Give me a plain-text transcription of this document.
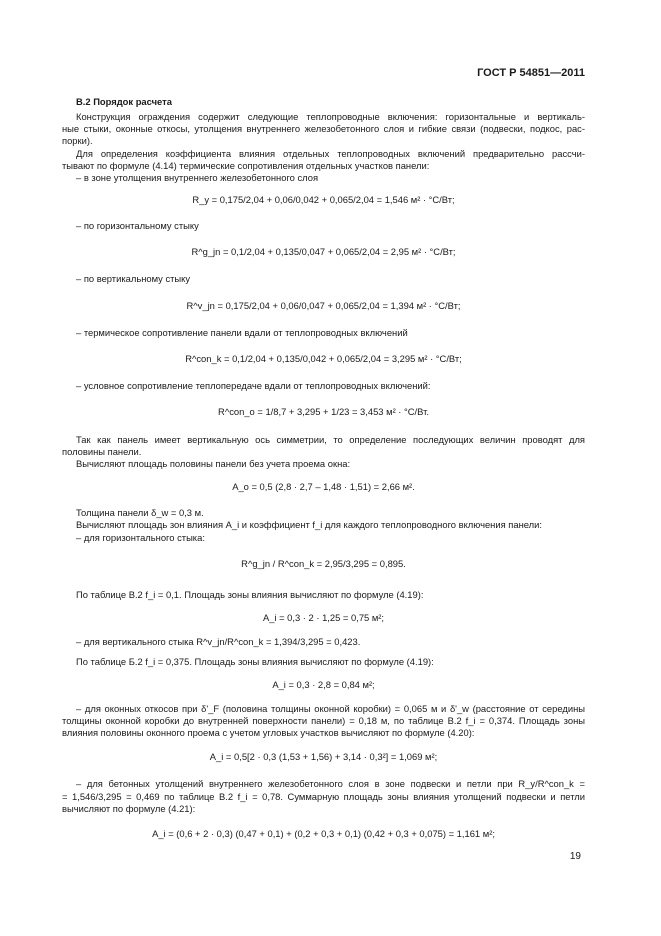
ГОСТ Р 54851—2011
В.2 Порядок расчета
Конструкция ограждения содержит следующие теплопроводные включения: горизонтальные и вертикаль-
ные стыки, оконные откосы, утолщения внутреннего железобетонного слоя и гибкие связи (подвески, подкос, рас-
порки).
Для определения коэффициента влияния отдельных теплопроводных включений предварительно рассчи-
тывают по формуле (4.14) термические сопротивления отдельных участков панели:
– в зоне утолщения внутреннего железобетонного слоя
R_y = 0,175/2,04 + 0,06/0,042 + 0,065/2,04 = 1,546 м² · °С/Вт;
– по горизонтальному стыку
R^g_jn = 0,1/2,04 + 0,135/0,047 + 0,065/2,04 = 2,95 м² · °С/Вт;
– по вертикальному стыку
R^v_jn = 0,175/2,04 + 0,06/0,047 + 0,065/2,04 = 1,394 м² · °С/Вт;
– термическое сопротивление панели вдали от теплопроводных включений
R^con_k = 0,1/2,04 + 0,135/0,042 + 0,065/2,04 = 3,295 м² · °С/Вт;
– условное сопротивление теплопередаче вдали от теплопроводных включений:
R^con_o = 1/8,7 + 3,295 + 1/23 = 3,453 м² · °С/Вт.
Так как панель имеет вертикальную ось симметрии, то определение последующих величин проводят для
половины панели.
Вычисляют площадь половины панели без учета проема окна:
A_o = 0,5 (2,8 · 2,7 – 1,48 · 1,51) = 2,66 м².
Толщина панели δ_w = 0,3 м.
Вычисляют площадь зон влияния A_i и коэффициент f_i для каждого теплопроводного включения панели:
– для горизонтального стыка:
R^g_jn / R^con_k = 2,95/3,295 = 0,895.
По таблице В.2 f_i = 0,1. Площадь зоны влияния вычисляют по формуле (4.19):
A_i = 0,3 · 2 · 1,25 = 0,75 м²;
– для вертикального стыка R^v_jn/R^con_k = 1,394/3,295 = 0,423.
По таблице Б.2 f_i = 0,375. Площадь зоны влияния вычисляют по формуле (4.19):
A_i = 0,3 · 2,8 = 0,84 м²;
– для оконных откосов при δ'_F (половина толщины оконной коробки) = 0,065 м и δ'_w (расстояние от середины
толщины оконной коробки до внутренней поверхности панели) = 0,18 м, по таблице В.2 f_i = 0,374. Площадь зоны
влияния половины оконного проема с учетом угловых участков вычисляют по формуле (4.20):
A_i = 0,5[2 · 0,3 (1,53 + 1,56) + 3,14 · 0,3²] = 1,069 м²;
– для бетонных утолщений внутреннего железобетонного слоя в зоне подвески и петли при R_y/R^con_k =
= 1,546/3,295 = 0,469 по таблице В.2 f_i = 0,78. Суммарную площадь зоны влияния утолщений подвески и петли
вычисляют по формуле (4.21):
A_i = (0,6 + 2 · 0,3) (0,47 + 0,1) + (0,2 + 0,3 + 0,1) (0,42 + 0,3 + 0,075) = 1,161 м²;
19
